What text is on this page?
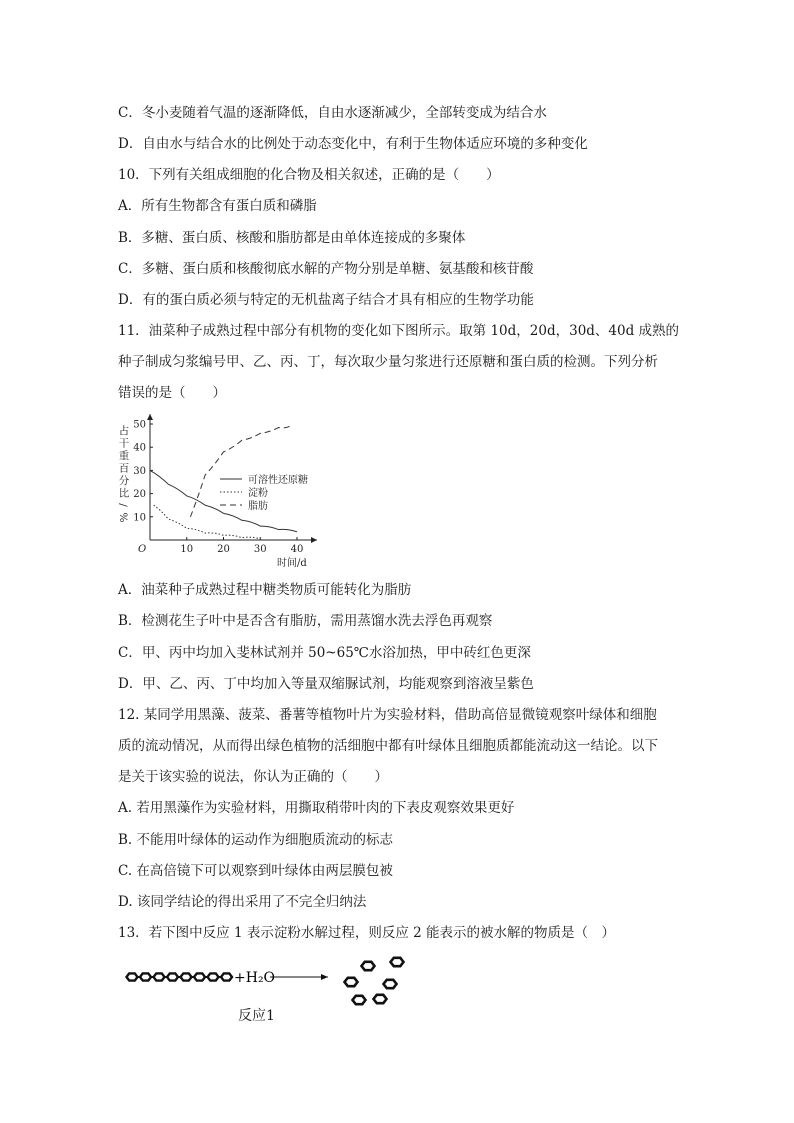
C．冬小麦随着气温的逐渐降低，自由水逐渐减少，全部转变成为结合水
D．自由水与结合水的比例处于动态变化中，有利于生物体适应环境的多种变化
10．下列有关组成细胞的化合物及相关叙述，正确的是（　　）
A．所有生物都含有蛋白质和磷脂
B．多糖、蛋白质、核酸和脂肪都是由单体连接成的多聚体
C．多糖、蛋白质和核酸彻底水解的产物分别是单糖、氨基酸和核苷酸
D．有的蛋白质必须与特定的无机盐离子结合才具有相应的生物学功能
11．油菜种子成熟过程中部分有机物的变化如下图所示。取第 10d，20d，30d、40d 成熟的
种子制成匀浆编号甲、乙、丙、丁，每次取少量匀浆进行还原糖和蛋白质的检测。下列分析
错误的是（　　）
10
20
30
40
50
10 20 30 40
O
时间/d
占
干
重
百
分
比
/
%
可溶性还原糖
淀粉
脂肪
A．油菜种子成熟过程中糖类物质可能转化为脂肪
B．检测花生子叶中是否含有脂肪，需用蒸馏水洗去浮色再观察
C．甲、丙中均加入斐林试剂并 50~65℃水浴加热，甲中砖红色更深
D．甲、乙、丙、丁中均加入等量双缩脲试剂，均能观察到溶液呈紫色
12. 某同学用黑藻、菠菜、番薯等植物叶片为实验材料，借助高倍显微镜观察叶绿体和细胞
质的流动情况，从而得出绿色植物的活细胞中都有叶绿体且细胞质都能流动这一结论。以下
是关于该实验的说法，你认为正确的（　　）
A. 若用黑藻作为实验材料，用撕取稍带叶肉的下表皮观察效果更好
B. 不能用叶绿体的运动作为细胞质流动的标志
C. 在高倍镜下可以观察到叶绿体由两层膜包被
D. 该同学结论的得出采用了不完全归纳法
13．若下图中反应 1 表示淀粉水解过程，则反应 2 能表示的被水解的物质是（　）
+H₂O
反应1
